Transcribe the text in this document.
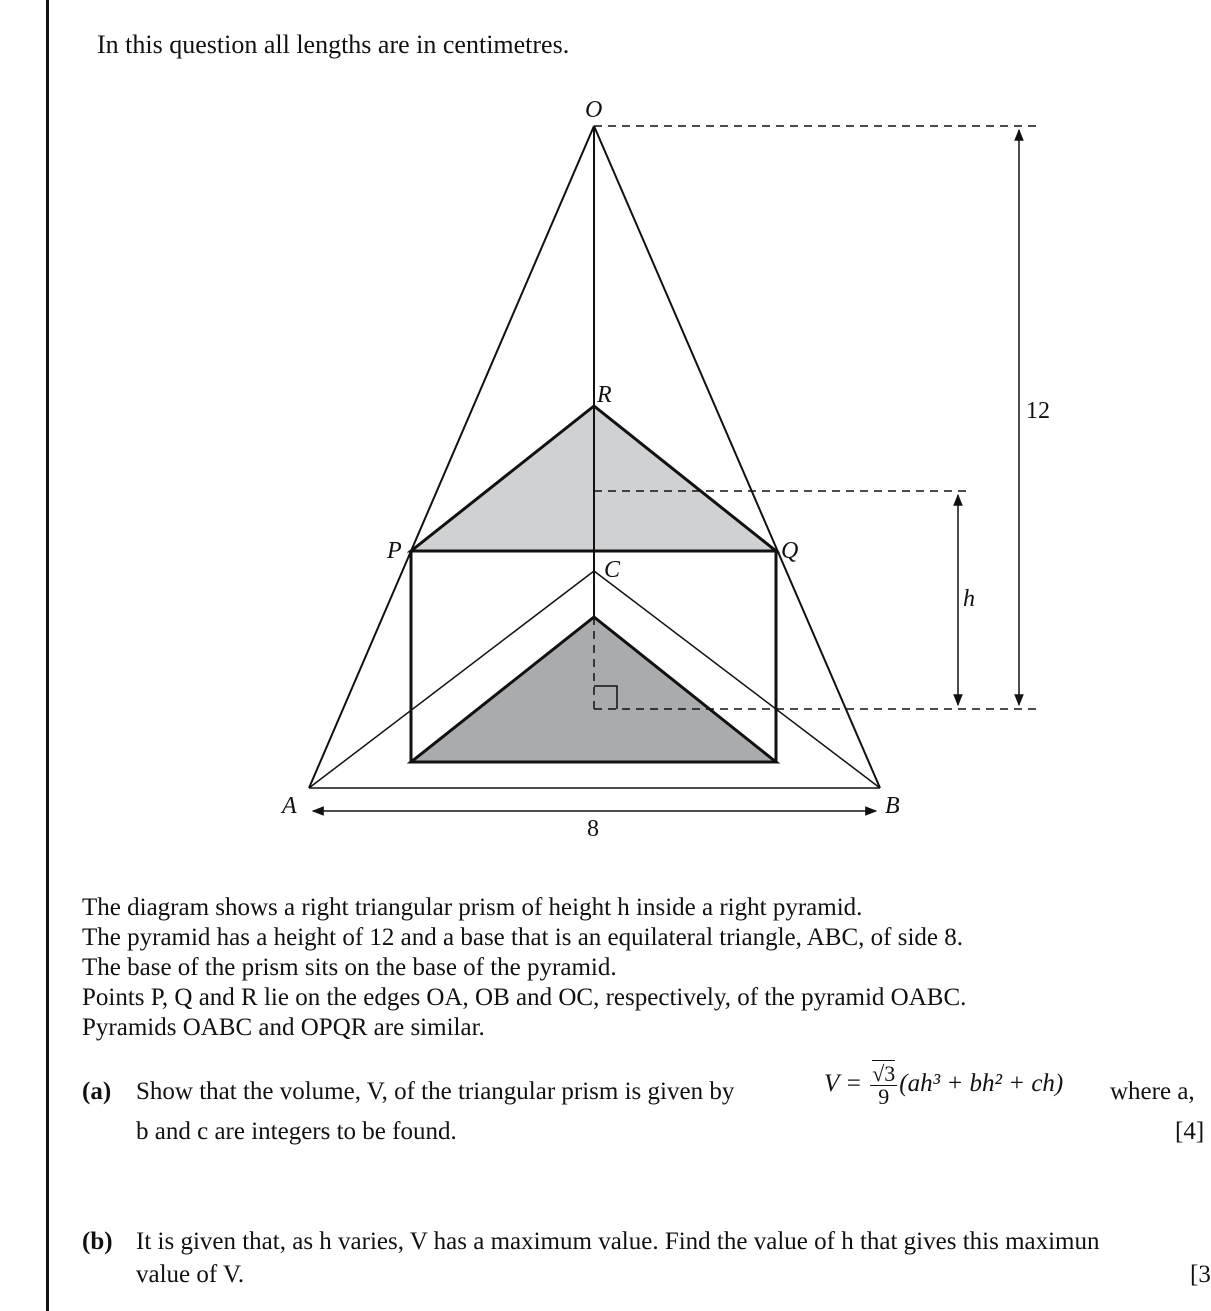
In this question all lengths are in centimetres.

O
R
P	Q
C
A	B
12
h
8

The diagram shows a right triangular prism of height h inside a right pyramid.

The pyramid has a height of 12 and a base that is an equilateral triangle, ABC, of side 8.

The base of the prism sits on the base of the pyramid.

Points P, Q and R lie on the edges OA, OB and OC, respectively, of the pyramid OABC.

Pyramids OABC and OPQR are similar.

(a) Show that the volume, V, of the triangular prism is given by	$V = \frac{√3}{9} (ah^3 + bh^2 + ch)$ where a,
b and c are integers to be found.	[4]
(b) It is given that, as h varies, V has a maximum value. Find the value of h that gives this maximun
value of V.	[3
